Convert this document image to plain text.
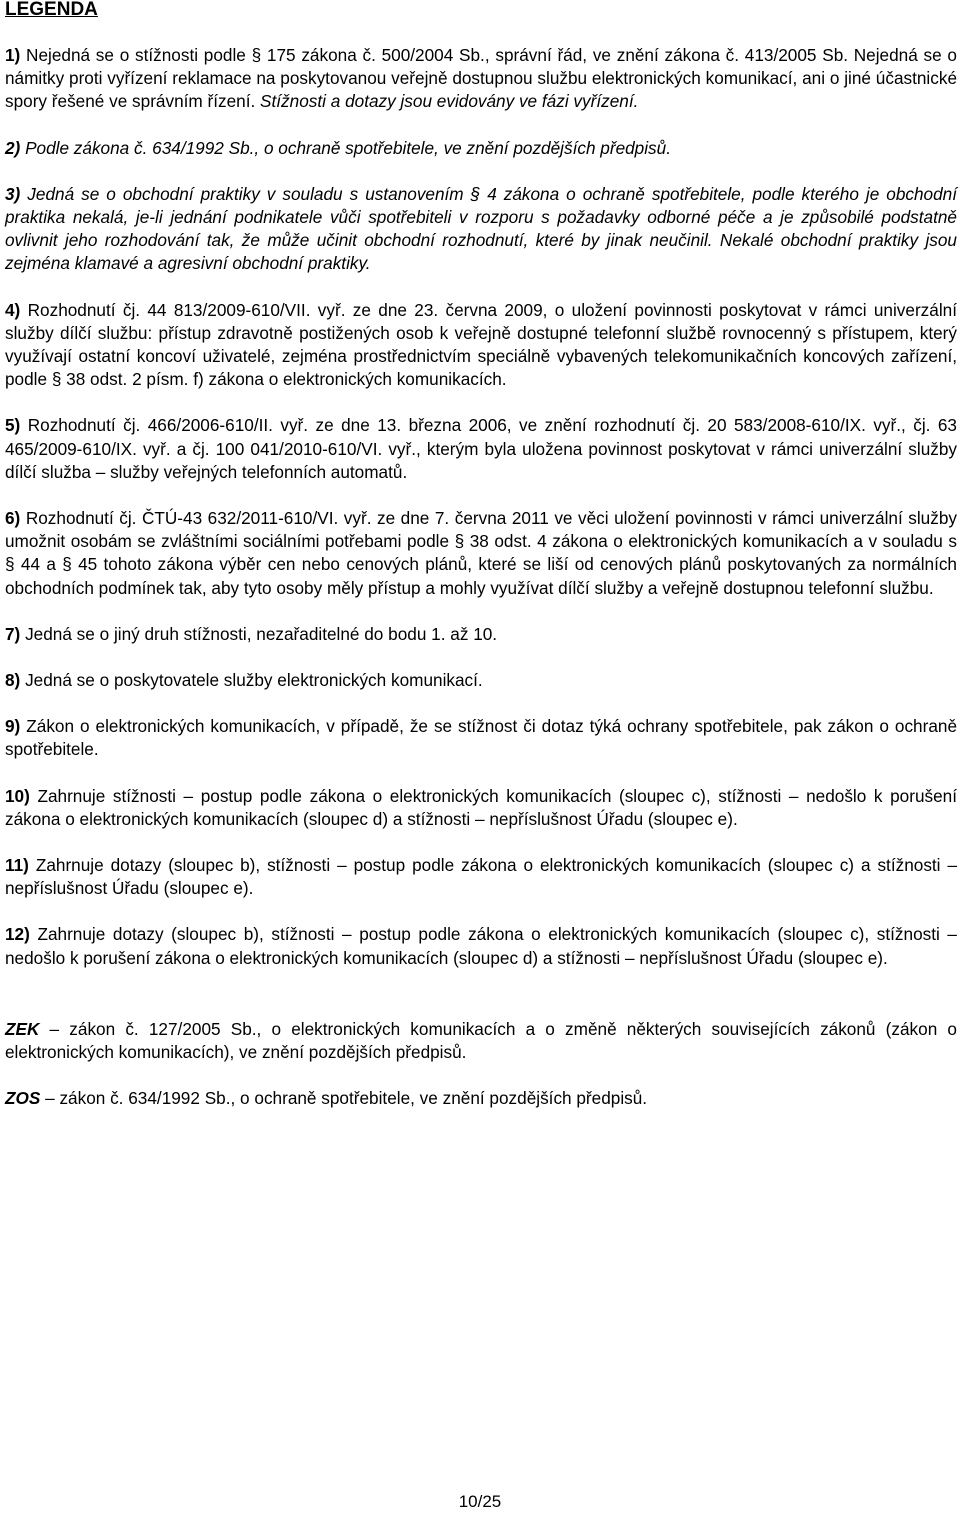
LEGENDA

1) Nejedná se o stížnosti podle § 175 zákona č. 500/2004 Sb., správní řád, ve znění zákona č. 413/2005 Sb. Nejedná se o námitky proti vyřízení reklamace na poskytovanou veřejně dostupnou službu elektronických komunikací, ani o jiné účastnické spory řešené ve správním řízení. Stížnosti a dotazy jsou evidovány ve fázi vyřízení.

2) Podle zákona č. 634/1992 Sb., o ochraně spotřebitele, ve znění pozdějších předpisů.

3) Jedná se o obchodní praktiky v souladu s ustanovením § 4 zákona o ochraně spotřebitele, podle kterého je obchodní praktika nekalá, je-li jednání podnikatele vůči spotřebiteli v rozporu s požadavky odborné péče a je způsobilé podstatně ovlivnit jeho rozhodování tak, že může učinit obchodní rozhodnutí, které by jinak neučinil. Nekalé obchodní praktiky jsou zejména klamavé a agresivní obchodní praktiky.

4) Rozhodnutí čj. 44 813/2009-610/VII. vyř. ze dne 23. června 2009, o uložení povinnosti poskytovat v rámci univerzální služby dílčí službu: přístup zdravotně postižených osob k veřejně dostupné telefonní službě rovnocenný s přístupem, který využívají ostatní koncoví uživatelé, zejména prostřednictvím speciálně vybavených telekomunikačních koncových zařízení, podle § 38 odst. 2 písm. f) zákona o elektronických komunikacích.

5) Rozhodnutí čj. 466/2006-610/II. vyř. ze dne 13. března 2006, ve znění rozhodnutí čj. 20 583/2008-610/IX. vyř., čj. 63 465/2009-610/IX. vyř. a čj. 100 041/2010-610/VI. vyř., kterým byla uložena povinnost poskytovat v rámci univerzální služby dílčí služba – služby veřejných telefonních automatů.

6) Rozhodnutí čj. ČTÚ-43 632/2011-610/VI. vyř. ze dne 7. června 2011 ve věci uložení povinnosti v rámci univerzální služby umožnit osobám se zvláštními sociálními potřebami podle § 38 odst. 4 zákona o elektronických komunikacích a v souladu s § 44 a § 45 tohoto zákona výběr cen nebo cenových plánů, které se liší od cenových plánů poskytovaných za normálních obchodních podmínek tak, aby tyto osoby měly přístup a mohly využívat dílčí služby a veřejně dostupnou telefonní službu.

7) Jedná se o jiný druh stížnosti, nezařaditelné do bodu 1. až 10.

8) Jedná se o poskytovatele služby elektronických komunikací.

9) Zákon o elektronických komunikacích, v případě, že se stížnost či dotaz týká ochrany spotřebitele, pak zákon o ochraně spotřebitele.

10) Zahrnuje stížnosti – postup podle zákona o elektronických komunikacích (sloupec c), stížnosti – nedošlo k porušení zákona o elektronických komunikacích (sloupec d) a stížnosti – nepříslušnost Úřadu (sloupec e).

11) Zahrnuje dotazy (sloupec b), stížnosti – postup podle zákona o elektronických komunikacích (sloupec c) a stížnosti – nepříslušnost Úřadu (sloupec e).

12) Zahrnuje dotazy (sloupec b), stížnosti – postup podle zákona o elektronických komunikacích (sloupec c), stížnosti – nedošlo k porušení zákona o elektronických komunikacích (sloupec d) a stížnosti – nepříslušnost Úřadu (sloupec e).

ZEK – zákon č. 127/2005 Sb., o elektronických komunikacích a o změně některých souvisejících zákonů (zákon o elektronických komunikacích), ve znění pozdějších předpisů.

ZOS – zákon č. 634/1992 Sb., o ochraně spotřebitele, ve znění pozdějších předpisů.

10/25
